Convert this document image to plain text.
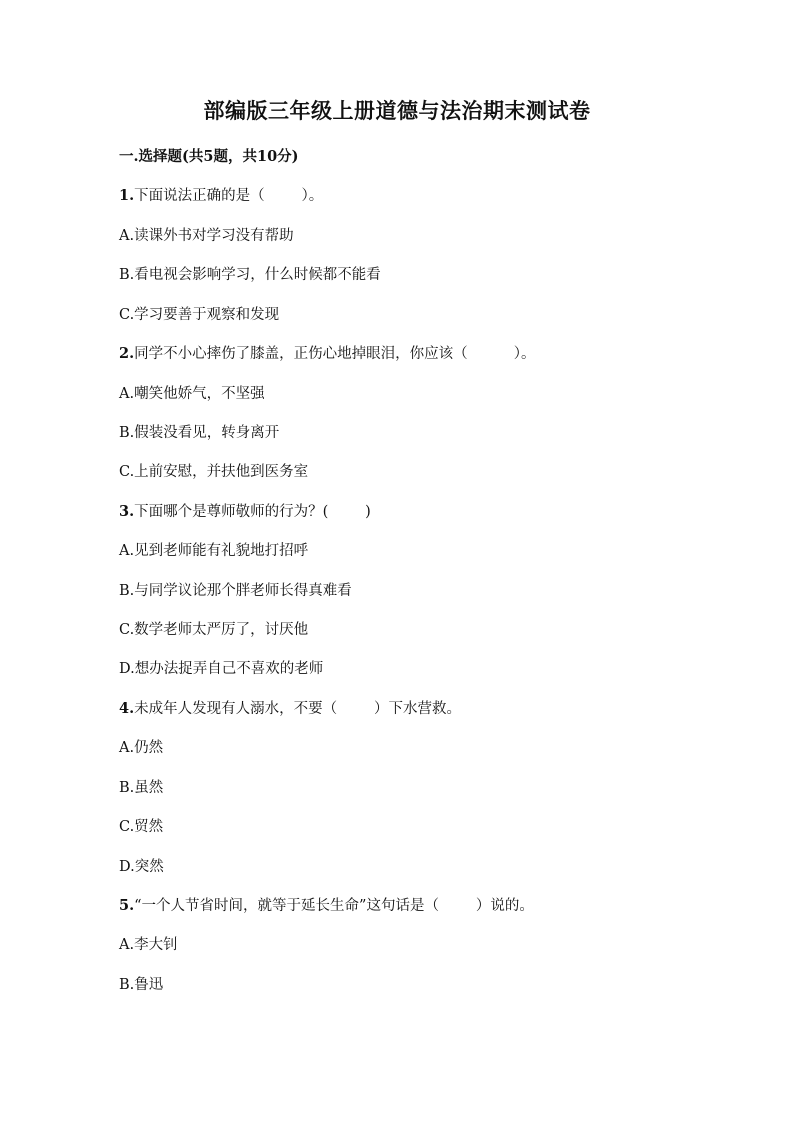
部编版三年级上册道德与法治期末测试卷
一.选择题(共5题，共10分)
1.下面说法正确的是（        ）。
A.读课外书对学习没有帮助
B.看电视会影响学习，什么时候都不能看
C.学习要善于观察和发现
2.同学不小心摔伤了膝盖，正伤心地掉眼泪，你应该（          ）。
A.嘲笑他娇气，不坚强
B.假装没看见，转身离开
C.上前安慰，并扶他到医务室
3.下面哪个是尊师敬师的行为？(        )
A.见到老师能有礼貌地打招呼
B.与同学议论那个胖老师长得真难看
C.数学老师太严厉了，讨厌他
D.想办法捉弄自己不喜欢的老师
4.未成年人发现有人溺水，不要（        ）下水营救。
A.仍然
B.虽然
C.贸然
D.突然
5.“一个人节省时间，就等于延长生命”这句话是（        ）说的。
A.李大钊
B.鲁迅
